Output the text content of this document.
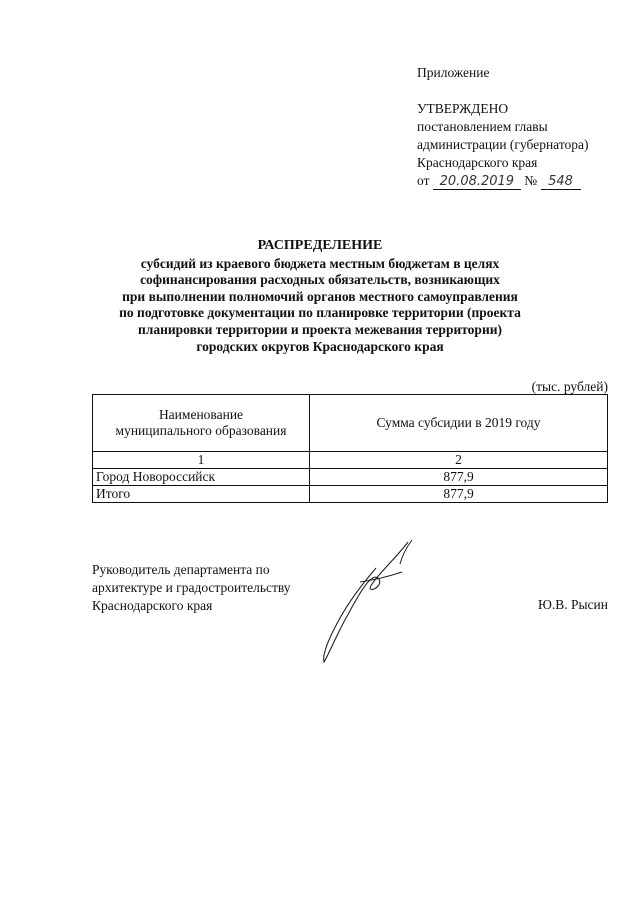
Приложение
УТВЕРЖДЕНО
постановлением главы
администрации (губернатора)
Краснодарского края
от 20.08.2019 № 548
РАСПРЕДЕЛЕНИЕ
субсидий из краевого бюджета местным бюджетам в целях
софинансирования расходных обязательств, возникающих
при выполнении полномочий органов местного самоуправления
по подготовке документации по планировке территории (проекта
планировки территории и проекта межевания территории)
городских округов Краснодарского края
(тыс. рублей)
Наименование
муниципального образования	Сумма субсидии в 2019 году
1	2
Город Новороссийск	877,9
Итого	877,9
Руководитель департамента по
архитектуре и градостроительству
Краснодарского края	Ю.В. Рысин
